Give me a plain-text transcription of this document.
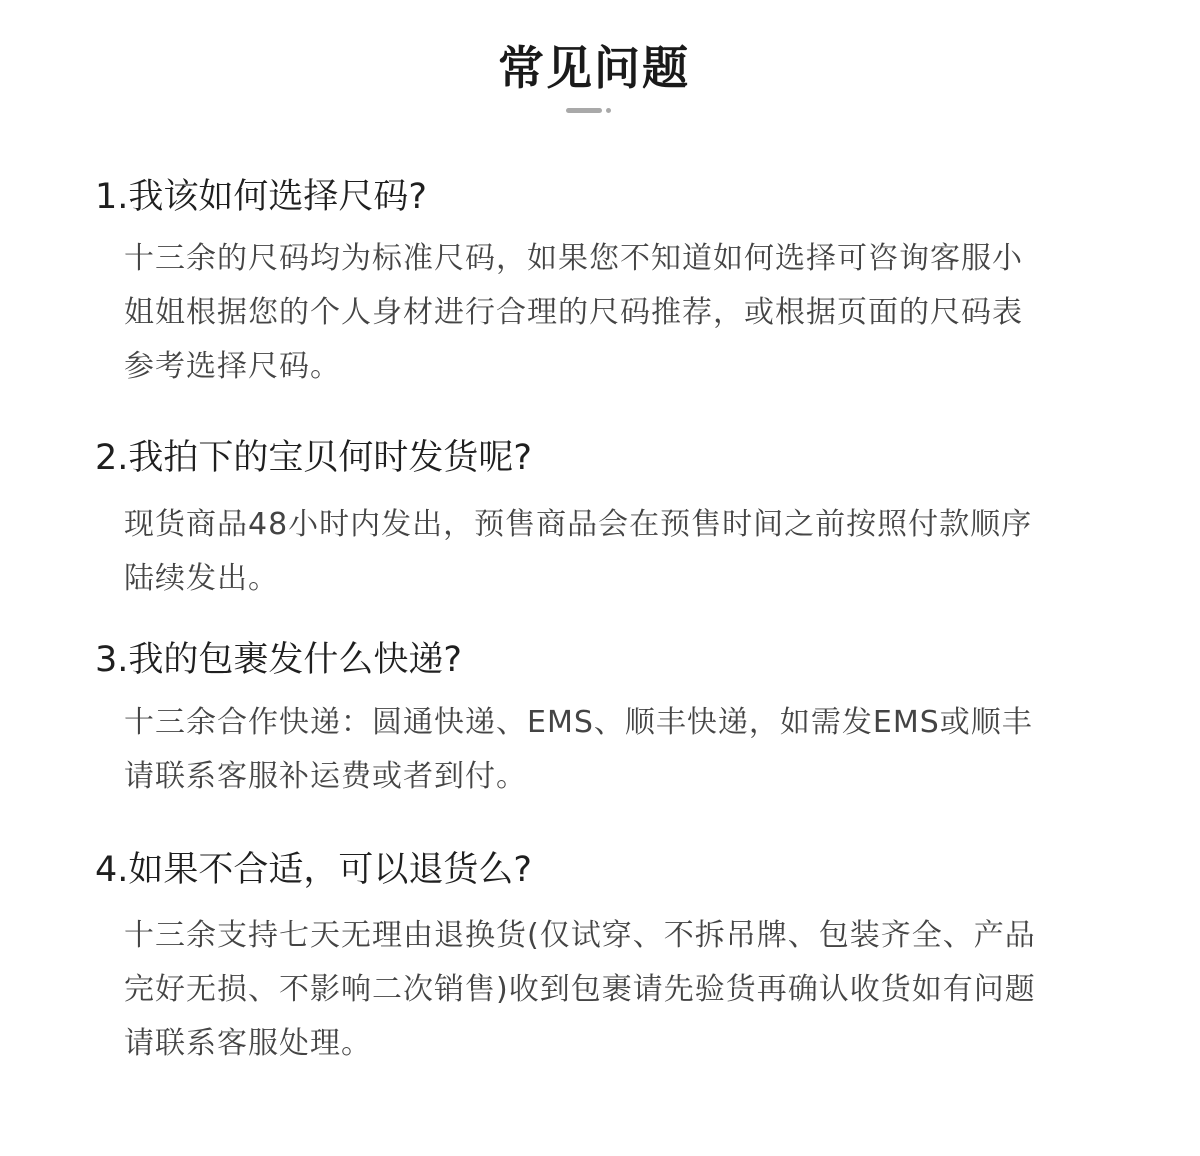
常见问题
1.我该如何选择尺码?

十三余的尺码均为标准尺码，如果您不知道如何选择可咨询客服小
姐姐根据您的个人身材进行合理的尺码推荐，或根据页面的尺码表
参考选择尺码。

2.我拍下的宝贝何时发货呢?

现货商品48小时内发出，预售商品会在预售时间之前按照付款顺序
陆续发出。

3.我的包裹发什么快递?

十三余合作快递：圆通快递、EMS、顺丰快递，如需发EMS或顺丰
请联系客服补运费或者到付。

4.如果不合适，可以退货么?

十三余支持七天无理由退换货(仅试穿、不拆吊牌、包装齐全、产品
完好无损、不影响二次销售)收到包裹请先验货再确认收货如有问题
请联系客服处理。
